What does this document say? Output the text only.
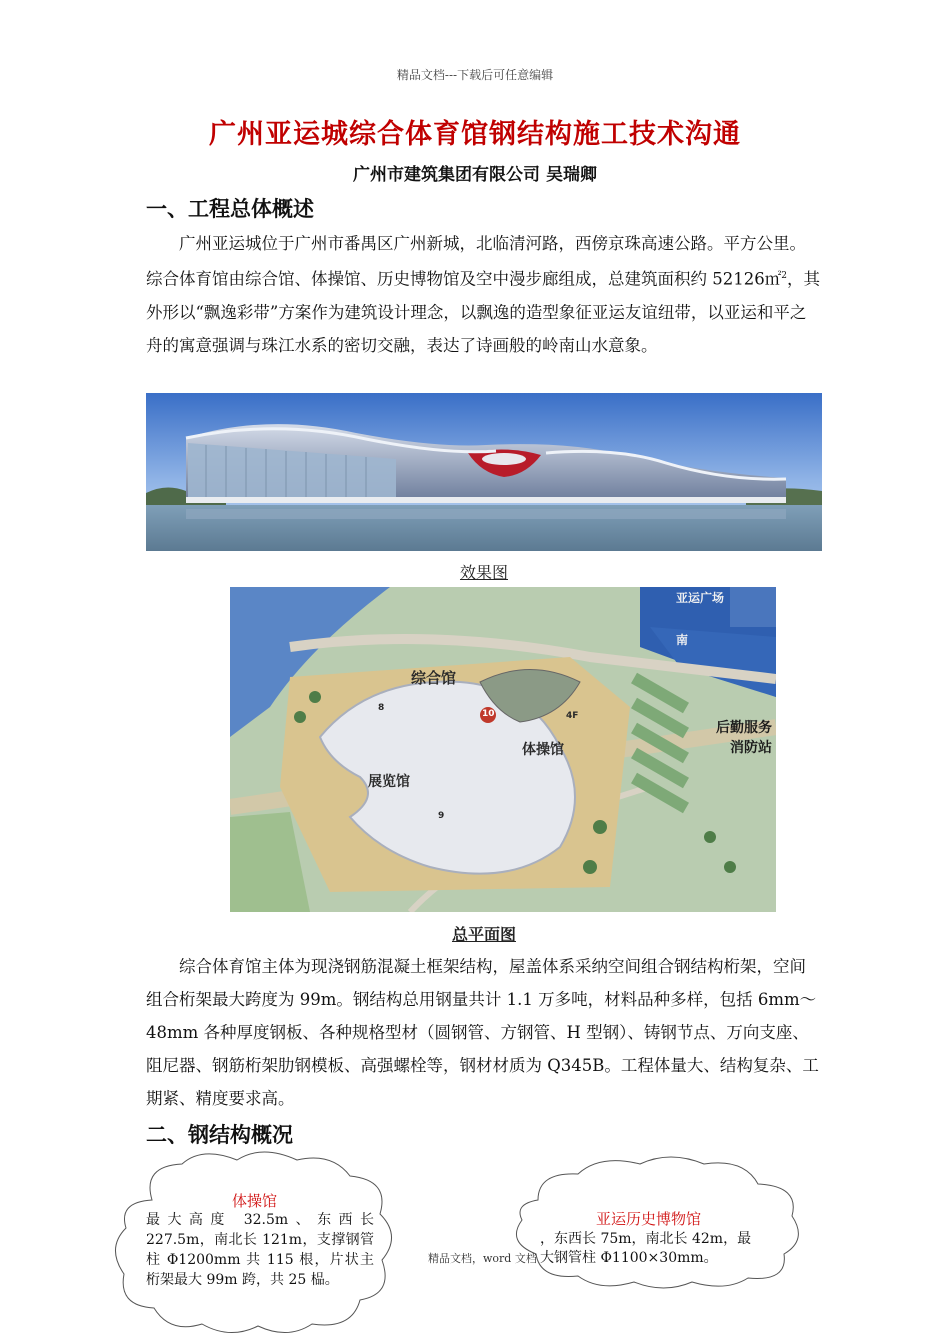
精品文档---下载后可任意编辑
广州亚运城综合体育馆钢结构施工技术沟通
广州市建筑集团有限公司 吴瑞卿
一、工程总体概述

广州亚运城位于广州市番禺区广州新城，北临清河路，西傍京珠高速公路。平方公里。综合体育馆由综合馆、体操馆、历史博物馆及空中漫步廊组成，总建筑面积约 52126㎡$^2$，其外形以“飘逸彩带”方案作为建筑设计理念，以飘逸的造型象征亚运友谊纽带，以亚运和平之舟的寓意强调与珠江水系的密切交融，表达了诗画般的岭南山水意象。

效果图
综合馆
体操馆
展览馆
后勤服务
消防站
亚运广场
南
10	4F
9
8
总平面图

综合体育馆主体为现浇钢筋混凝土框架结构，屋盖体系采纳空间组合钢结构桁架，空间组合桁架最大跨度为 99m。钢结构总用钢量共计 1.1 万多吨，材料品种多样，包括 6mm～48mm 各种厚度钢板、各种规格型材（圆钢管、方钢管、H 型钢）、铸钢节点、万向支座、阻尼器、钢筋桁架肋钢模板、高强螺栓等，钢材材质为 Q345B。工程体量大、结构复杂、工期紧、精度要求高。

二、钢结构概况
体操馆
最大高度 32.5m、东西长 227.5m，南北长 121m，支撑钢管柱 Φ1200mm 共 115 根，片状主桁架最大 99m 跨，共 25 榀。
亚运历史博物馆
，东西长 75m，南北长 42m，最
精品文档，word 文档 大钢管柱 Φ1100×30mm。
